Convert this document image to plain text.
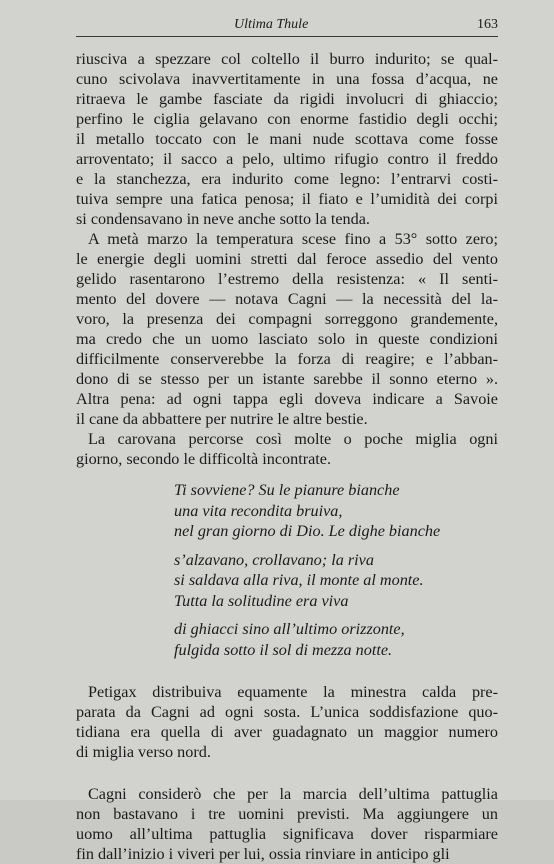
Ultima Thule	163
riusciva a spezzare col coltello il burro indurito; se qual-
cuno scivolava inavvertitamente in una fossa d’acqua, ne
ritraeva le gambe fasciate da rigidi involucri di ghiaccio;
perfino le ciglia gelavano con enorme fastidio degli occhi;
il metallo toccato con le mani nude scottava come fosse
arroventato; il sacco a pelo, ultimo rifugio contro il freddo
e la stanchezza, era indurito come legno: l’entrarvi costi-
tuiva sempre una fatica penosa; il fiato e l’umidità dei corpi
si condensavano in neve anche sotto la tenda.
A metà marzo la temperatura scese fino a 53° sotto zero;
le energie degli uomini stretti dal feroce assedio del vento
gelido rasentarono l’estremo della resistenza: « Il senti-
mento del dovere — notava Cagni — la necessità del la-
voro, la presenza dei compagni sorreggono grandemente,
ma credo che un uomo lasciato solo in queste condizioni
difficilmente conserverebbe la forza di reagire; e l’abban-
dono di se stesso per un istante sarebbe il sonno eterno ».
Altra pena: ad ogni tappa egli doveva indicare a Savoie
il cane da abbattere per nutrire le altre bestie.
La carovana percorse così molte o poche miglia ogni
giorno, secondo le difficoltà incontrate.
Ti sovviene? Su le pianure bianche
una vita recondita bruiva,
nel gran giorno di Dio. Le dighe bianche
s’alzavano, crollavano; la riva
si saldava alla riva, il monte al monte.
Tutta la solitudine era viva
di ghiacci sino all’ultimo orizzonte,
fulgida sotto il sol di mezza notte.
Petigax distribuiva equamente la minestra calda pre-
parata da Cagni ad ogni sosta. L’unica soddisfazione quo-
tidiana era quella di aver guadagnato un maggior numero
di miglia verso nord.
Cagni considerò che per la marcia dell’ultima pattuglia
non bastavano i tre uomini previsti. Ma aggiungere un
uomo all’ultima pattuglia significava dover risparmiare
fin dall’inizio i viveri per lui, ossia rinviare in anticipo gli
